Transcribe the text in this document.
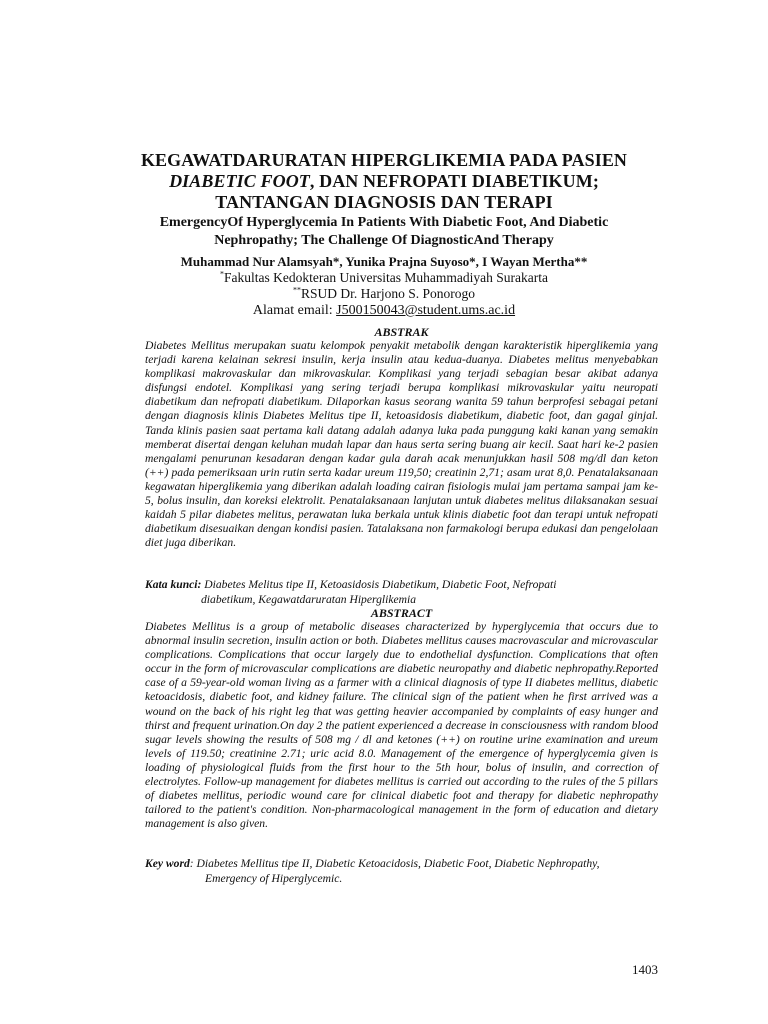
KEGAWATDARURATAN HIPERGLIKEMIA PADA PASIEN
DIABETIC FOOT, DAN NEFROPATI DIABETIKUM;
TANTANGAN DIAGNOSIS DAN TERAPI
EmergencyOf Hyperglycemia In Patients With Diabetic Foot, And Diabetic
Nephropathy; The Challenge Of DiagnosticAnd Therapy
Muhammad Nur Alamsyah*, Yunika Prajna Suyoso*, I Wayan Mertha**
*Fakultas Kedokteran Universitas Muhammadiyah Surakarta
**RSUD Dr. Harjono S. Ponorogo
Alamat email: J500150043@student.ums.ac.id
ABSTRAK
Diabetes Mellitus merupakan suatu kelompok penyakit metabolik dengan karakteristik hiperglikemia yang terjadi karena kelainan sekresi insulin, kerja insulin atau kedua-duanya. Diabetes melitus menyebabkan komplikasi makrovaskular dan mikrovaskular. Komplikasi yang terjadi sebagian besar akibat adanya disfungsi endotel. Komplikasi yang sering terjadi berupa komplikasi mikrovaskular yaitu neuropati diabetikum dan nefropati diabetikum. Dilaporkan kasus seorang wanita 59 tahun berprofesi sebagai petani dengan diagnosis klinis Diabetes Melitus tipe II, ketoasidosis diabetikum, diabetic foot, dan gagal ginjal. Tanda klinis pasien saat pertama kali datang adalah adanya luka pada punggung kaki kanan yang semakin memberat disertai dengan keluhan mudah lapar dan haus serta sering buang air kecil. Saat hari ke-2 pasien mengalami penurunan kesadaran dengan kadar gula darah acak menunjukkan hasil 508 mg/dl dan keton (++) pada pemeriksaan urin rutin serta kadar ureum 119,50; creatinin 2,71; asam urat 8,0. Penatalaksanaan kegawatan hiperglikemia yang diberikan adalah loading cairan fisiologis mulai jam pertama sampai jam ke-5, bolus insulin, dan koreksi elektrolit. Penatalaksanaan lanjutan untuk diabetes melitus dilaksanakan sesuai kaidah 5 pilar diabetes melitus, perawatan luka berkala untuk klinis diabetic foot dan terapi untuk nefropati diabetikum disesuaikan dengan kondisi pasien. Tatalaksana non farmakologi berupa edukasi dan pengelolaan diet juga diberikan.
Kata kunci: Diabetes Melitus tipe II, Ketoasidosis Diabetikum, Diabetic Foot, Nefropati
diabetikum, Kegawatdaruratan Hiperglikemia
ABSTRACT
Diabetes Mellitus is a group of metabolic diseases characterized by hyperglycemia that occurs due to abnormal insulin secretion, insulin action or both. Diabetes mellitus causes macrovascular and microvascular complications. Complications that occur largely due to endothelial dysfunction. Complications that often occur in the form of microvascular complications are diabetic neuropathy and diabetic nephropathy.Reported case of a 59-year-old woman living as a farmer with a clinical diagnosis of type II diabetes mellitus, diabetic ketoacidosis, diabetic foot, and kidney failure. The clinical sign of the patient when he first arrived was a wound on the back of his right leg that was getting heavier accompanied by complaints of easy hunger and thirst and frequent urination.On day 2 the patient experienced a decrease in consciousness with random blood sugar levels showing the results of 508 mg / dl and ketones (++) on routine urine examination and ureum levels of 119.50; creatinine 2.71; uric acid 8.0. Management of the emergence of hyperglycemia given is loading of physiological fluids from the first hour to the 5th hour, bolus of insulin, and correction of electrolytes. Follow-up management for diabetes mellitus is carried out according to the rules of the 5 pillars of diabetes mellitus, periodic wound care for clinical diabetic foot and therapy for diabetic nephropathy tailored to the patient's condition. Non-pharmacological management in the form of education and dietary management is also given.
Key word: Diabetes Mellitus tipe II, Diabetic Ketoacidosis, Diabetic Foot, Diabetic Nephropathy,
Emergency of Hiperglycemic.
1403
